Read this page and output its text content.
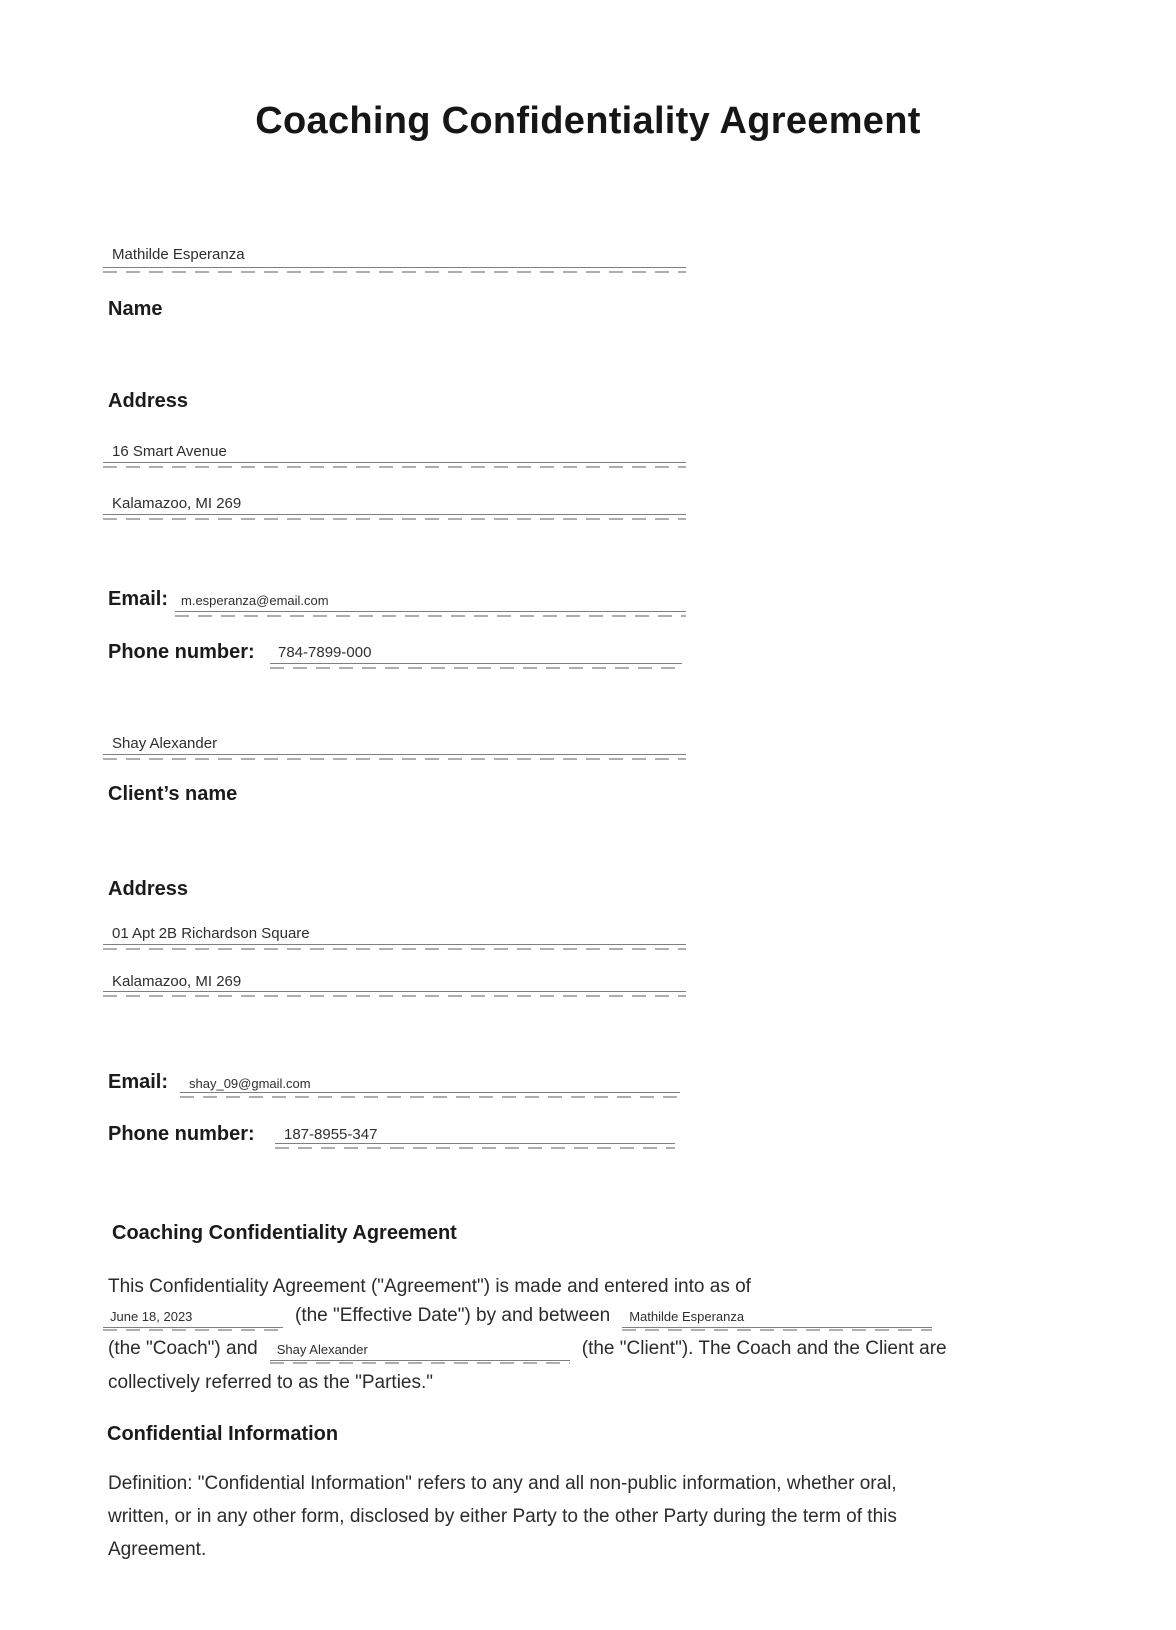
Coaching Confidentiality Agreement
Mathilde Esperanza
Name
Address
16 Smart Avenue
Kalamazoo, MI 269
Email: m.esperanza@email.com
Phone number: 784-7899-000
Shay Alexander
Client’s name
Address
01 Apt 2B Richardson Square
Kalamazoo, MI 269
Email: shay_09@gmail.com
Phone number: 187-8955-347
Coaching Confidentiality Agreement
This Confidentiality Agreement ("Agreement") is made and entered into as of
June 18, 2023	(the "Effective Date") by and between	Mathilde Esperanza
(the "Coach") and	Shay Alexander	(the "Client"). The Coach and the Client are
collectively referred to as the "Parties."
Confidential Information
Definition: "Confidential Information" refers to any and all non-public information, whether oral,
written, or in any other form, disclosed by either Party to the other Party during the term of this
Agreement.
